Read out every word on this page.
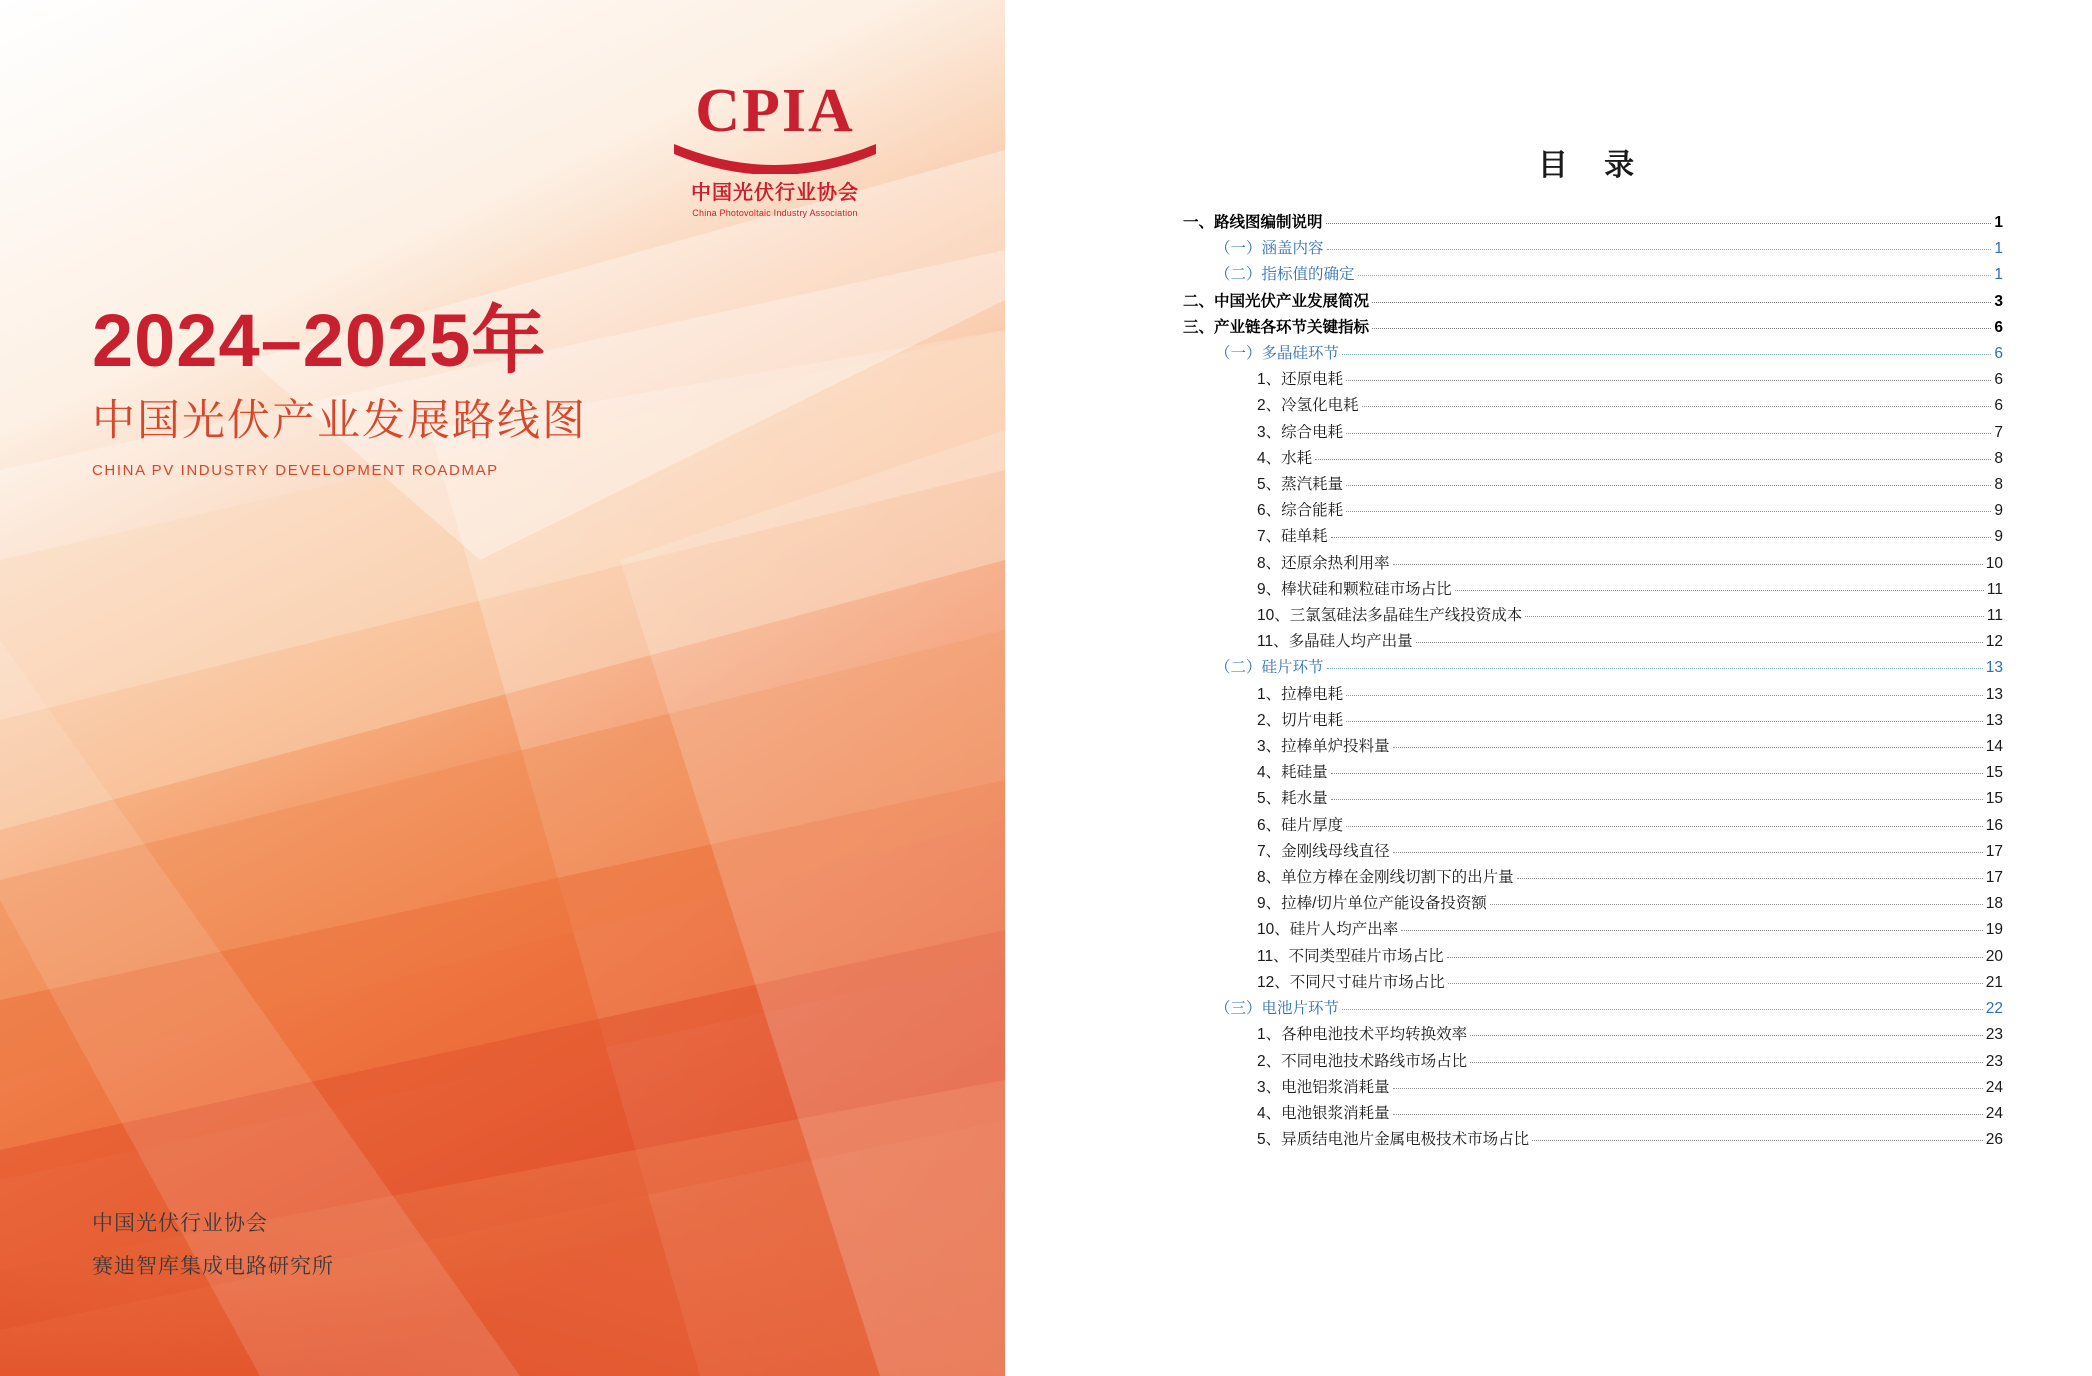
CPIA
中国光伏行业协会
China Photovoltaic Industry Association
2024–2025年
中国光伏产业发展路线图
CHINA PV INDUSTRY DEVELOPMENT ROADMAP
中国光伏行业协会
赛迪智库集成电路研究所
目 录
一、路线图编制说明	1
（一）涵盖内容	1
（二）指标值的确定	1
二、中国光伏产业发展简况	3
三、产业链各环节关键指标	6
（一）多晶硅环节	6
1、还原电耗	6
2、冷氢化电耗	6
3、综合电耗	7
4、水耗	8
5、蒸汽耗量	8
6、综合能耗	9
7、硅单耗	9
8、还原余热利用率	10
9、棒状硅和颗粒硅市场占比	11
10、三氯氢硅法多晶硅生产线投资成本	11
11、多晶硅人均产出量	12
（二）硅片环节	13
1、拉棒电耗	13
2、切片电耗	13
3、拉棒单炉投料量	14
4、耗硅量	15
5、耗水量	15
6、硅片厚度	16
7、金刚线母线直径	17
8、单位方棒在金刚线切割下的出片量	17
9、拉棒/切片单位产能设备投资额	18
10、硅片人均产出率	19
11、不同类型硅片市场占比	20
12、不同尺寸硅片市场占比	21
（三）电池片环节	22
1、各种电池技术平均转换效率	23
2、不同电池技术路线市场占比	23
3、电池铝浆消耗量	24
4、电池银浆消耗量	24
5、异质结电池片金属电极技术市场占比	26
